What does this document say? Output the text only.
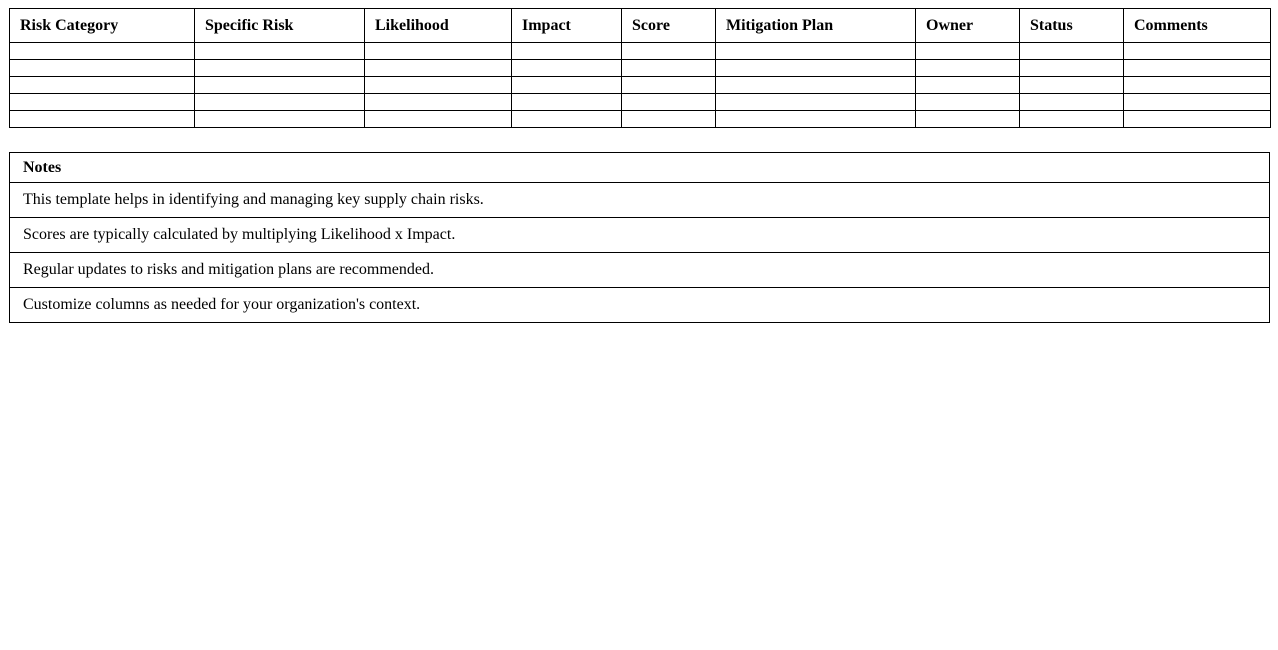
Risk Category	Specific Risk	Likelihood	Impact	Score	Mitigation Plan	Owner	Status	Comments

Notes
This template helps in identifying and managing key supply chain risks.
Scores are typically calculated by multiplying Likelihood x Impact.
Regular updates to risks and mitigation plans are recommended.
Customize columns as needed for your organization's context.
